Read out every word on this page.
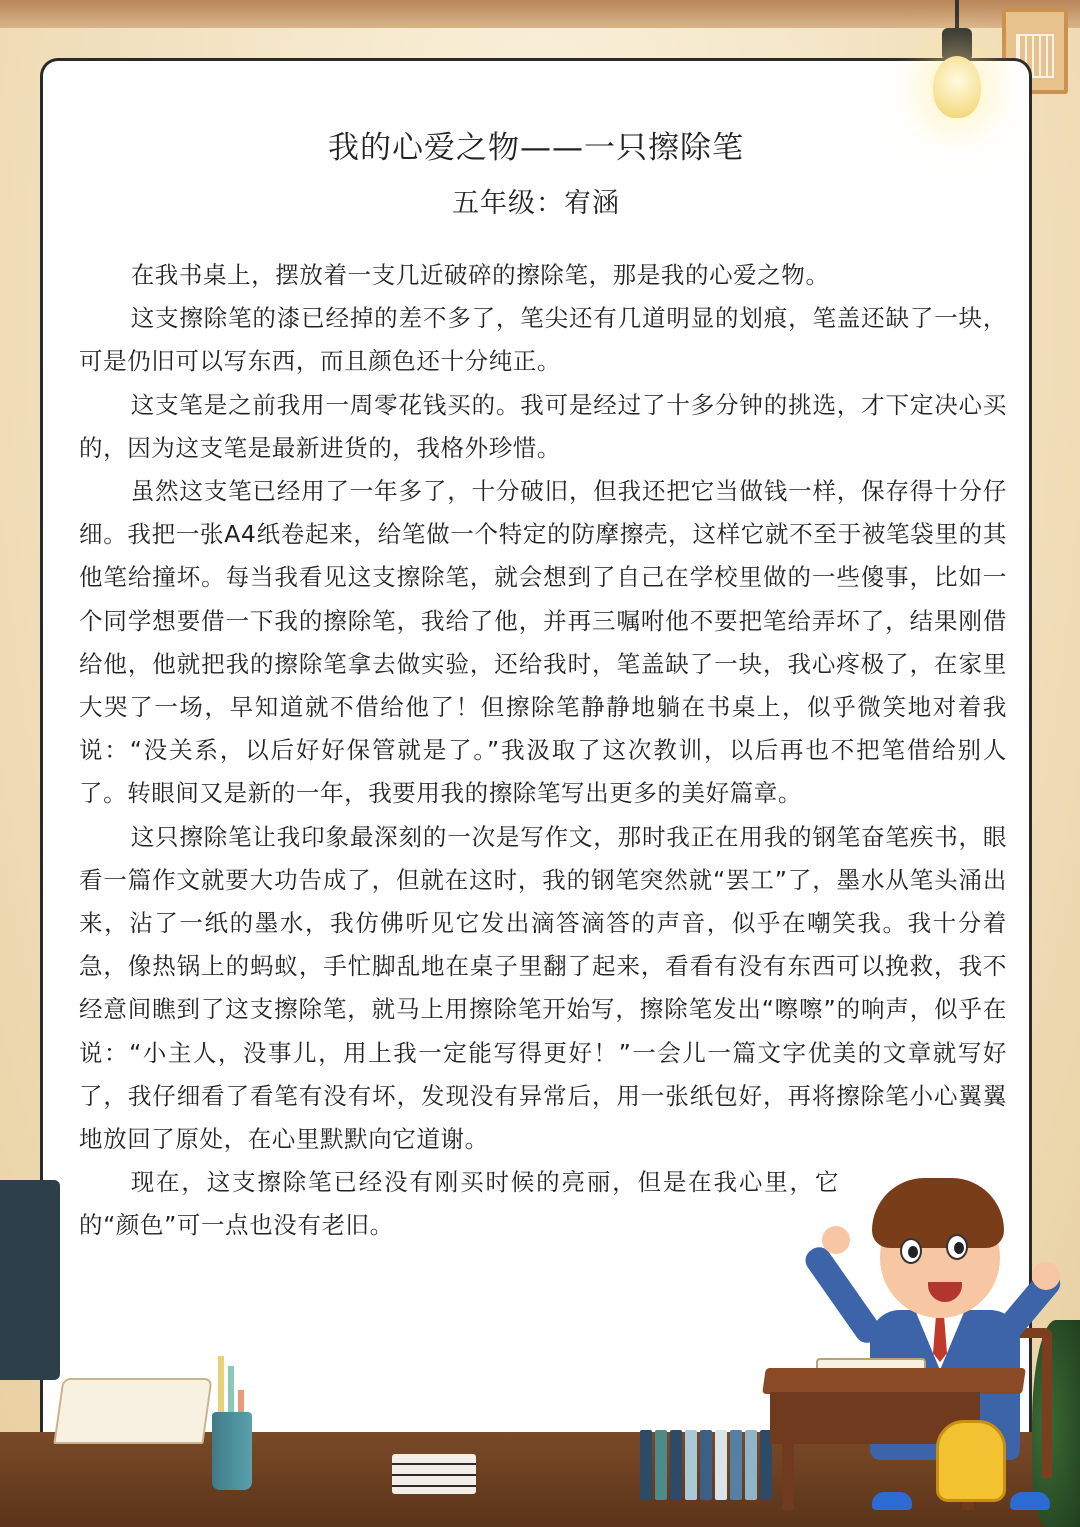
我的心爱之物——一只擦除笔
五年级：宥涵

在我书桌上，摆放着一支几近破碎的擦除笔，那是我的心爱之物。

这支擦除笔的漆已经掉的差不多了，笔尖还有几道明显的划痕，笔盖还缺了一块，可是仍旧可以写东西，而且颜色还十分纯正。

这支笔是之前我用一周零花钱买的。我可是经过了十多分钟的挑选，才下定决心买的，因为这支笔是最新进货的，我格外珍惜。

虽然这支笔已经用了一年多了，十分破旧，但我还把它当做钱一样，保存得十分仔细。我把一张A4纸卷起来，给笔做一个特定的防摩擦壳，这样它就不至于被笔袋里的其他笔给撞坏。每当我看见这支擦除笔，就会想到了自己在学校里做的一些傻事，比如一个同学想要借一下我的擦除笔，我给了他，并再三嘱咐他不要把笔给弄坏了，结果刚借给他，他就把我的擦除笔拿去做实验，还给我时，笔盖缺了一块，我心疼极了，在家里大哭了一场，早知道就不借给他了！但擦除笔静静地躺在书桌上，似乎微笑地对着我说：“没关系，以后好好保管就是了。”我汲取了这次教训，以后再也不把笔借给别人了。转眼间又是新的一年，我要用我的擦除笔写出更多的美好篇章。

这只擦除笔让我印象最深刻的一次是写作文，那时我正在用我的钢笔奋笔疾书，眼看一篇作文就要大功告成了，但就在这时，我的钢笔突然就“罢工”了，墨水从笔头涌出来，沾了一纸的墨水，我仿佛听见它发出滴答滴答的声音，似乎在嘲笑我。我十分着急，像热锅上的蚂蚁，手忙脚乱地在桌子里翻了起来，看看有没有东西可以挽救，我不经意间瞧到了这支擦除笔，就马上用擦除笔开始写，擦除笔发出“嚓嚓”的响声，似乎在说：“小主人，没事儿，用上我一定能写得更好！”一会儿一篇文字优美的文章就写好了，我仔细看了看笔有没有坏，发现没有异常后，用一张纸包好，再将擦除笔小心翼翼地放回了原处，在心里默默向它道谢。

现在，这支擦除笔已经没有刚买时候的亮丽，但是在我心里，它的“颜色”可一点也没有老旧。
